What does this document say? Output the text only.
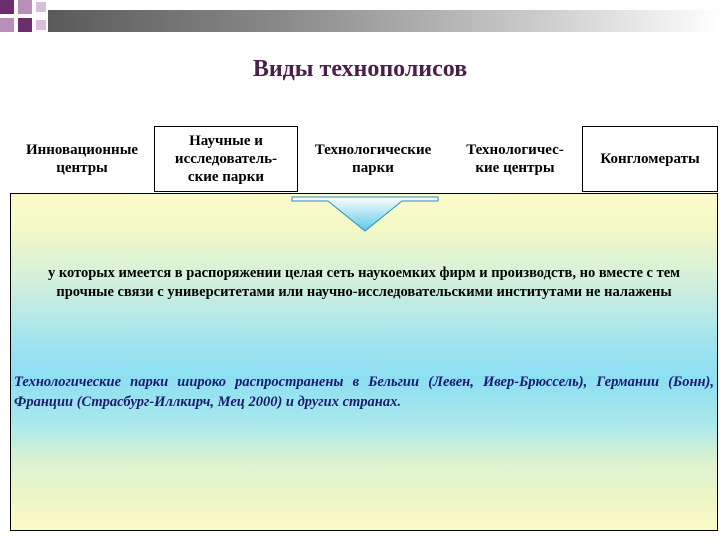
Виды технополисов
Инновационные
центры
Научные и
исследователь-
ские парки
Технологические
парки
Технологичес-
кие центры
Конгломераты
у которых имеется в распоряжении целая сеть наукоемких фирм и производств, но вместе с тем прочные связи с университетами или научно-исследовательскими институтами не налажены
Технологические парки широко распространены в Бельгии (Левен, Ивер-Брюссель), Германии (Бонн), Франции (Страсбург-Иллкирч, Мец 2000) и других странах.
